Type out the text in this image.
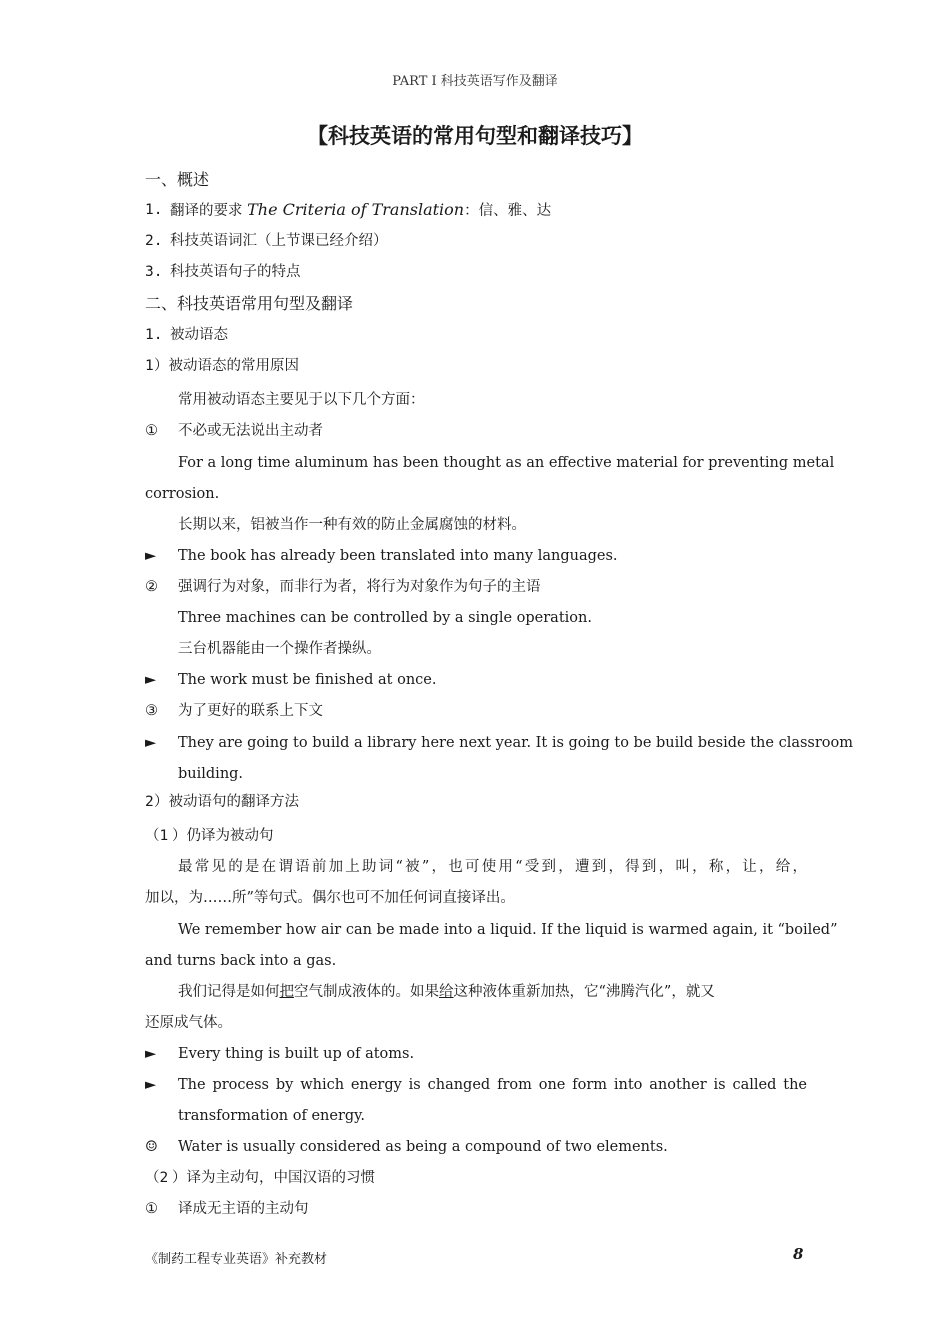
PART I 科技英语写作及翻译
【科技英语的常用句型和翻译技巧】
一、概述
1. 翻译的要求 The Criteria of Translation：信、雅、达
2. 科技英语词汇（上节课已经介绍）
3. 科技英语句子的特点
二、科技英语常用句型及翻译
1. 被动语态
1 ）被动语态的常用原因
常用被动语态主要见于以下几个方面：
① 不必或无法说出主动者
For a long time aluminum has been thought as an effective material for preventing metal
corrosion.
长期以来，铝被当作一种有效的防止金属腐蚀的材料。
► The book has already been translated into many languages.
② 强调行为对象，而非行为者，将行为对象作为句子的主语
Three machines can be controlled by a single operation.
三台机器能由一个操作者操纵。
► The work must be finished at once.
③ 为了更好的联系上下文
► They are going to build a library here next year. It is going to be build beside the classroom
building.
2 ）被动语句的翻译方法
（1 ）仍译为被动句
最常见的是在谓语前加上助词“被”，也可使用“受到，遭到，得到，叫，称，让，给，
加以，为……所”等句式。偶尔也可不加任何词直接译出。
We remember how air can be made into a liquid. If the liquid is warmed again, it “boiled”
and turns back into a gas.
我们记得是如何把空气制成液体的。如果给这种液体重新加热，它“沸腾汽化”，就又
还原成气体。
► Every thing is built up of atoms.
► The process by which energy is changed from one form into another is called the
transformation of energy.
☺ Water is usually considered as being a compound of two elements.
（2 ）译为主动句，中国汉语的习惯
① 译成无主语的主动句
《制药工程专业英语》补充教材	8
